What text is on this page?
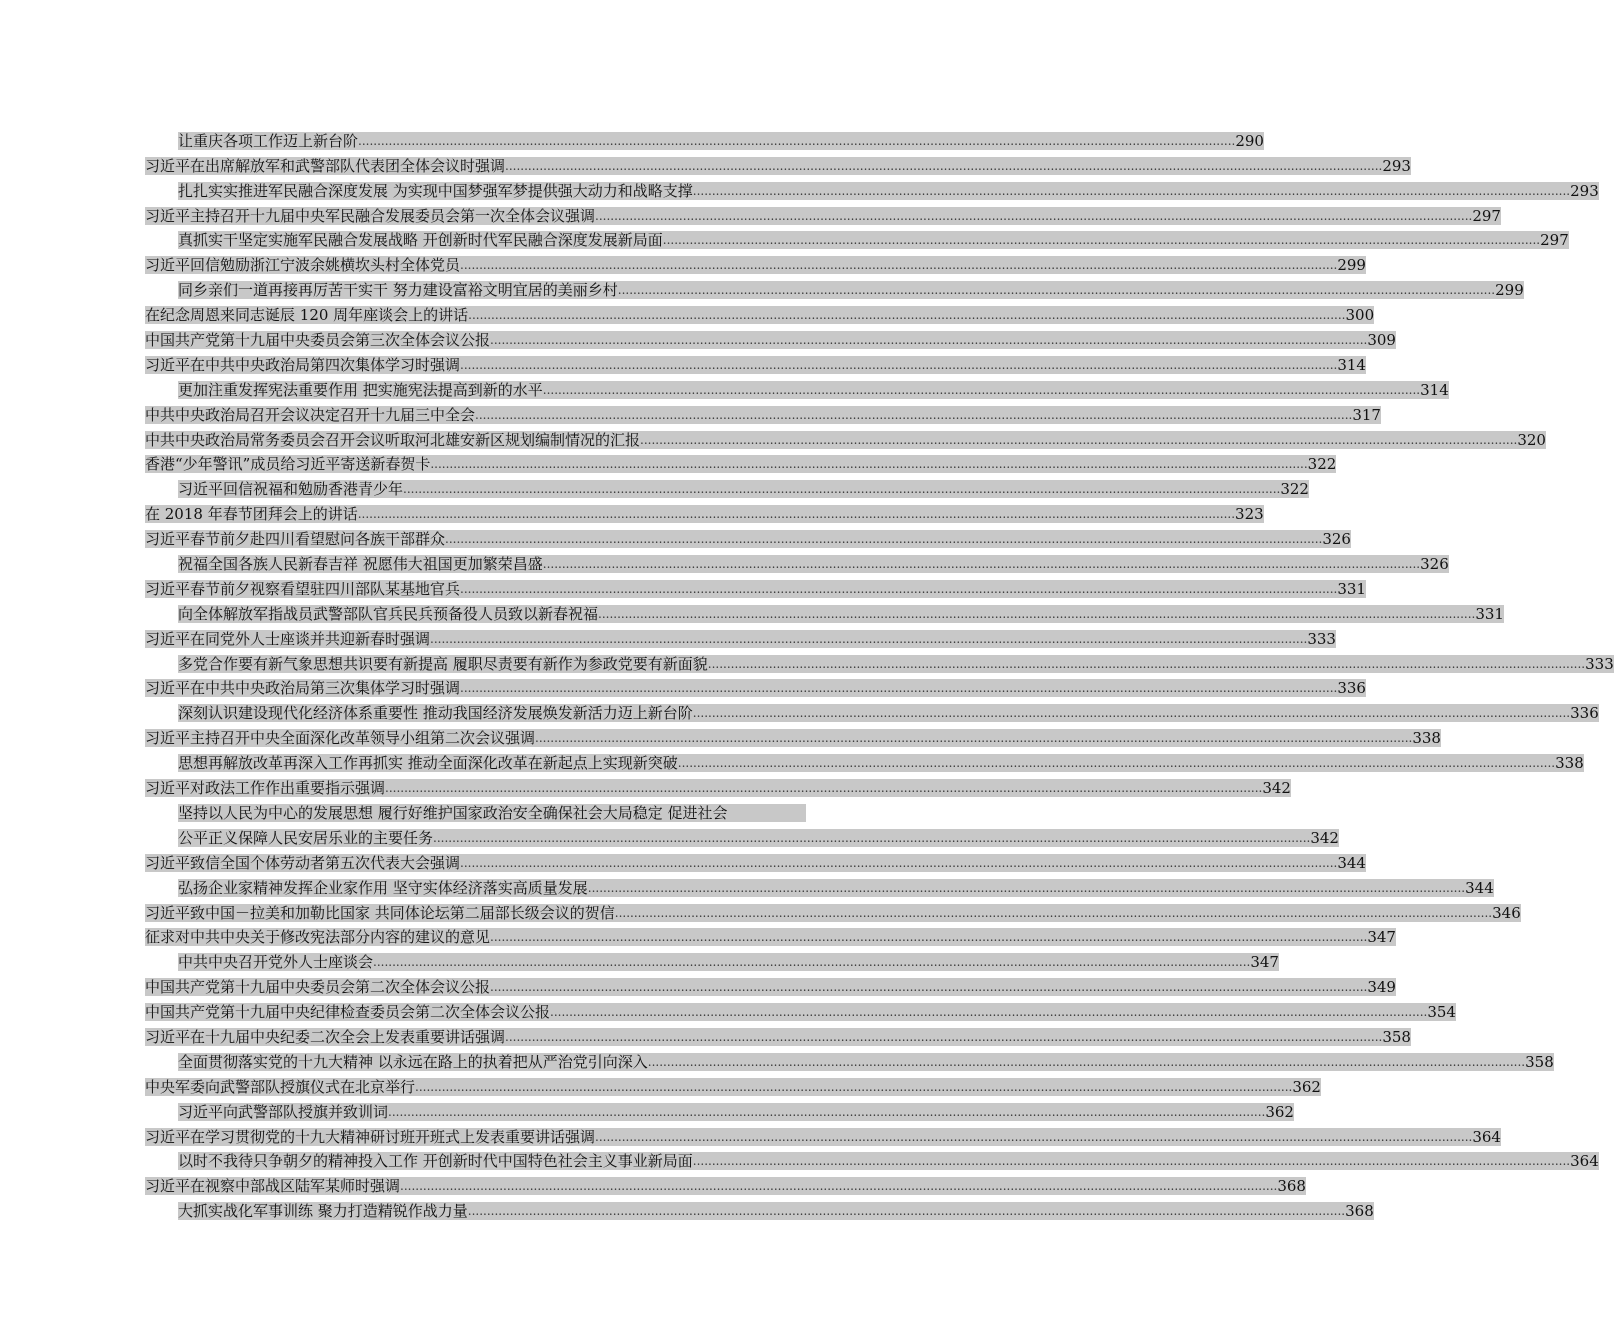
让重庆各项工作迈上新台阶 .....	290
习近平在出席解放军和武警部队代表团全体会议时强调 .....	293
扎扎实实推进军民融合深度发展 为实现中国梦强军梦提供强大动力和战略支撑 .....	293
习近平主持召开十九届中央军民融合发展委员会第一次全体会议强调 .....	297
真抓实干坚定实施军民融合发展战略 开创新时代军民融合深度发展新局面 .....	297
习近平回信勉励浙江宁波余姚横坎头村全体党员 .....	299
同乡亲们一道再接再厉苦干实干 努力建设富裕文明宜居的美丽乡村 .....	299
在纪念周恩来同志诞辰 120 周年座谈会上的讲话 .....	300
中国共产党第十九届中央委员会第三次全体会议公报 .....	309
习近平在中共中央政治局第四次集体学习时强调 .....	314
更加注重发挥宪法重要作用 把实施宪法提高到新的水平 .....	314
中共中央政治局召开会议决定召开十九届三中全会 .....	317
中共中央政治局常务委员会召开会议听取河北雄安新区规划编制情况的汇报 .....	320
香港“少年警讯”成员给习近平寄送新春贺卡 .....	322
习近平回信祝福和勉励香港青少年 .....	322
在 2018 年春节团拜会上的讲话 .....	323
习近平春节前夕赴四川看望慰问各族干部群众 .....	326
祝福全国各族人民新春吉祥 祝愿伟大祖国更加繁荣昌盛 .....	326
习近平春节前夕视察看望驻四川部队某基地官兵 .....	331
向全体解放军指战员武警部队官兵民兵预备役人员致以新春祝福 .....	331
习近平在同党外人士座谈并共迎新春时强调 .....	333
多党合作要有新气象思想共识要有新提高 履职尽责要有新作为参政党要有新面貌 .....	333
习近平在中共中央政治局第三次集体学习时强调 .....	336
深刻认识建设现代化经济体系重要性 推动我国经济发展焕发新活力迈上新台阶 .....	336
习近平主持召开中央全面深化改革领导小组第二次会议强调 .....	338
思想再解放改革再深入工作再抓实 推动全面深化改革在新起点上实现新突破 .....	338
习近平对政法工作作出重要指示强调 .....	342
坚持以人民为中心的发展思想 履行好维护国家政治安全确保社会大局稳定 促进社会
公平正义保障人民安居乐业的主要任务 .....	342
习近平致信全国个体劳动者第五次代表大会强调 .....	344
弘扬企业家精神发挥企业家作用 坚守实体经济落实高质量发展 .....	344
习近平致中国－拉美和加勒比国家 共同体论坛第二届部长级会议的贺信 .....	346
征求对中共中央关于修改宪法部分内容的建议的意见 .....	347
中共中央召开党外人士座谈会 .....	347
中国共产党第十九届中央委员会第二次全体会议公报 .....	349
中国共产党第十九届中央纪律检查委员会第二次全体会议公报 .....	354
习近平在十九届中央纪委二次全会上发表重要讲话强调 .....	358
全面贯彻落实党的十九大精神 以永远在路上的执着把从严治党引向深入 .....	358
中央军委向武警部队授旗仪式在北京举行 .....	362
习近平向武警部队授旗并致训词 .....	362
习近平在学习贯彻党的十九大精神研讨班开班式上发表重要讲话强调 .....	364
以时不我待只争朝夕的精神投入工作 开创新时代中国特色社会主义事业新局面 .....	364
习近平在视察中部战区陆军某师时强调 .....	368
大抓实战化军事训练 聚力打造精锐作战力量 .....	368
